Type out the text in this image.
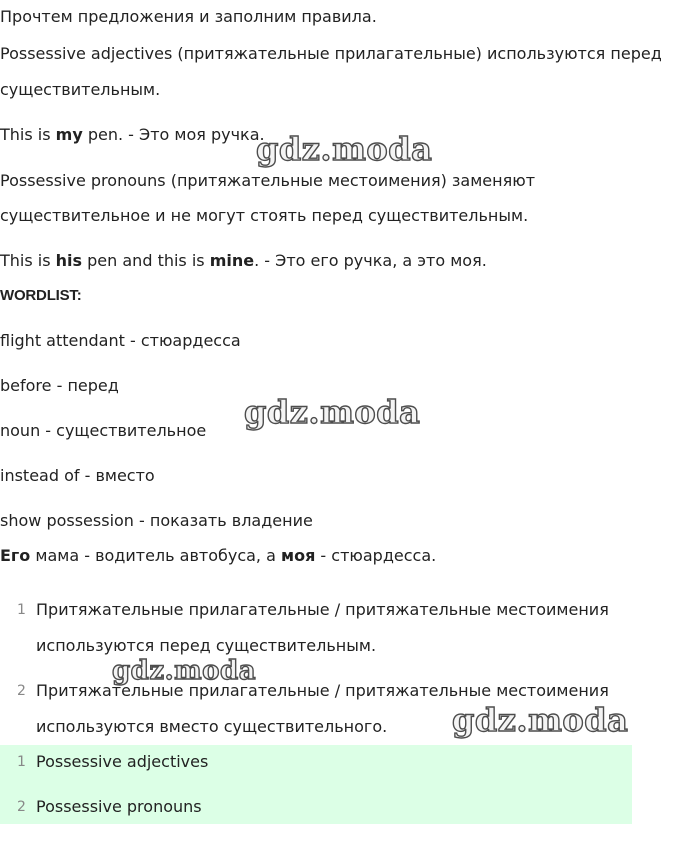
Прочтем предложения и заполним правила.
Possessive adjectives (притяжательные прилагательные) используются перед
существительным.
This is my pen. - Это моя ручка.
Possessive pronouns (притяжательные местоимения) заменяют
существительное и не могут стоять перед существительным.
This is his pen and this is mine. - Это его ручка, а это моя.
WORDLIST:
flight attendant - стюардесса
before - перед
noun - существительное
instead of - вместо
show possession - показать владение
Его мама - водитель автобуса, а моя - стюардесса.
1 Притяжательные прилагательные / притяжательные местоимения
используются перед существительным.
2 Притяжательные прилагательные / притяжательные местоимения
используются вместо существительного.
1 Possessive adjectives
2 Possessive pronouns
gdz.moda
gdz.moda
gdz.moda
gdz.moda
